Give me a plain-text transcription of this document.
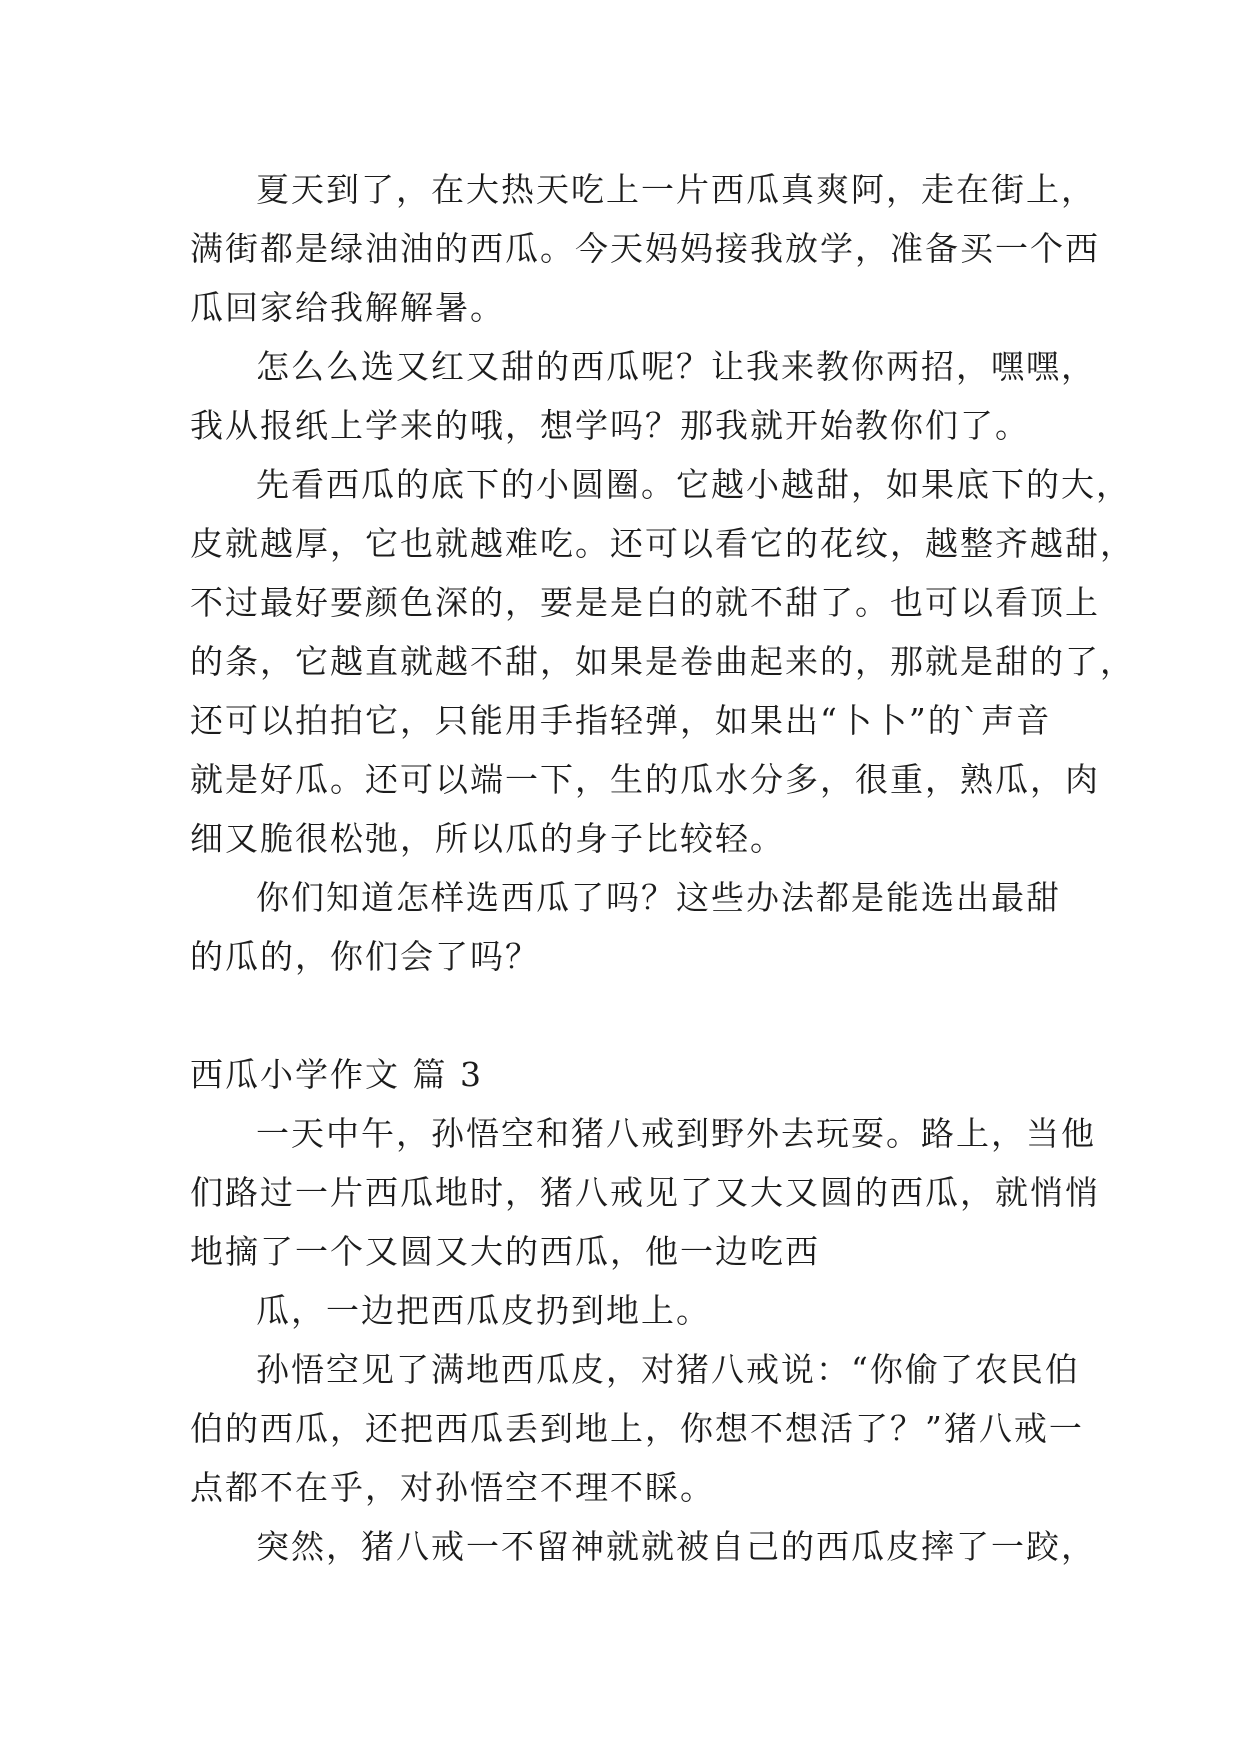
夏天到了，在大热天吃上一片西瓜真爽阿，走在街上，
满街都是绿油油的西瓜。今天妈妈接我放学，准备买一个西
瓜回家给我解解暑。
怎么么选又红又甜的西瓜呢？让我来教你两招，嘿嘿，
我从报纸上学来的哦，想学吗？那我就开始教你们了。
先看西瓜的底下的小圆圈。它越小越甜，如果底下的大，
皮就越厚，它也就越难吃。还可以看它的花纹，越整齐越甜，
不过最好要颜色深的，要是是白的就不甜了。也可以看顶上
的条，它越直就越不甜，如果是卷曲起来的，那就是甜的了，
还可以拍拍它，只能用手指轻弹，如果出“卜卜”的`声音
就是好瓜。还可以端一下，生的瓜水分多，很重，熟瓜，肉
细又脆很松弛，所以瓜的身子比较轻。
你们知道怎样选西瓜了吗？这些办法都是能选出最甜
的瓜的，你们会了吗？
西瓜小学作文 篇 3
一天中午，孙悟空和猪八戒到野外去玩耍。路上，当他
们路过一片西瓜地时，猪八戒见了又大又圆的西瓜，就悄悄
地摘了一个又圆又大的西瓜，他一边吃西
瓜，一边把西瓜皮扔到地上。
孙悟空见了满地西瓜皮，对猪八戒说：“你偷了农民伯
伯的西瓜，还把西瓜丢到地上，你想不想活了？”猪八戒一
点都不在乎，对孙悟空不理不睬。
突然，猪八戒一不留神就就被自己的西瓜皮摔了一跤，
